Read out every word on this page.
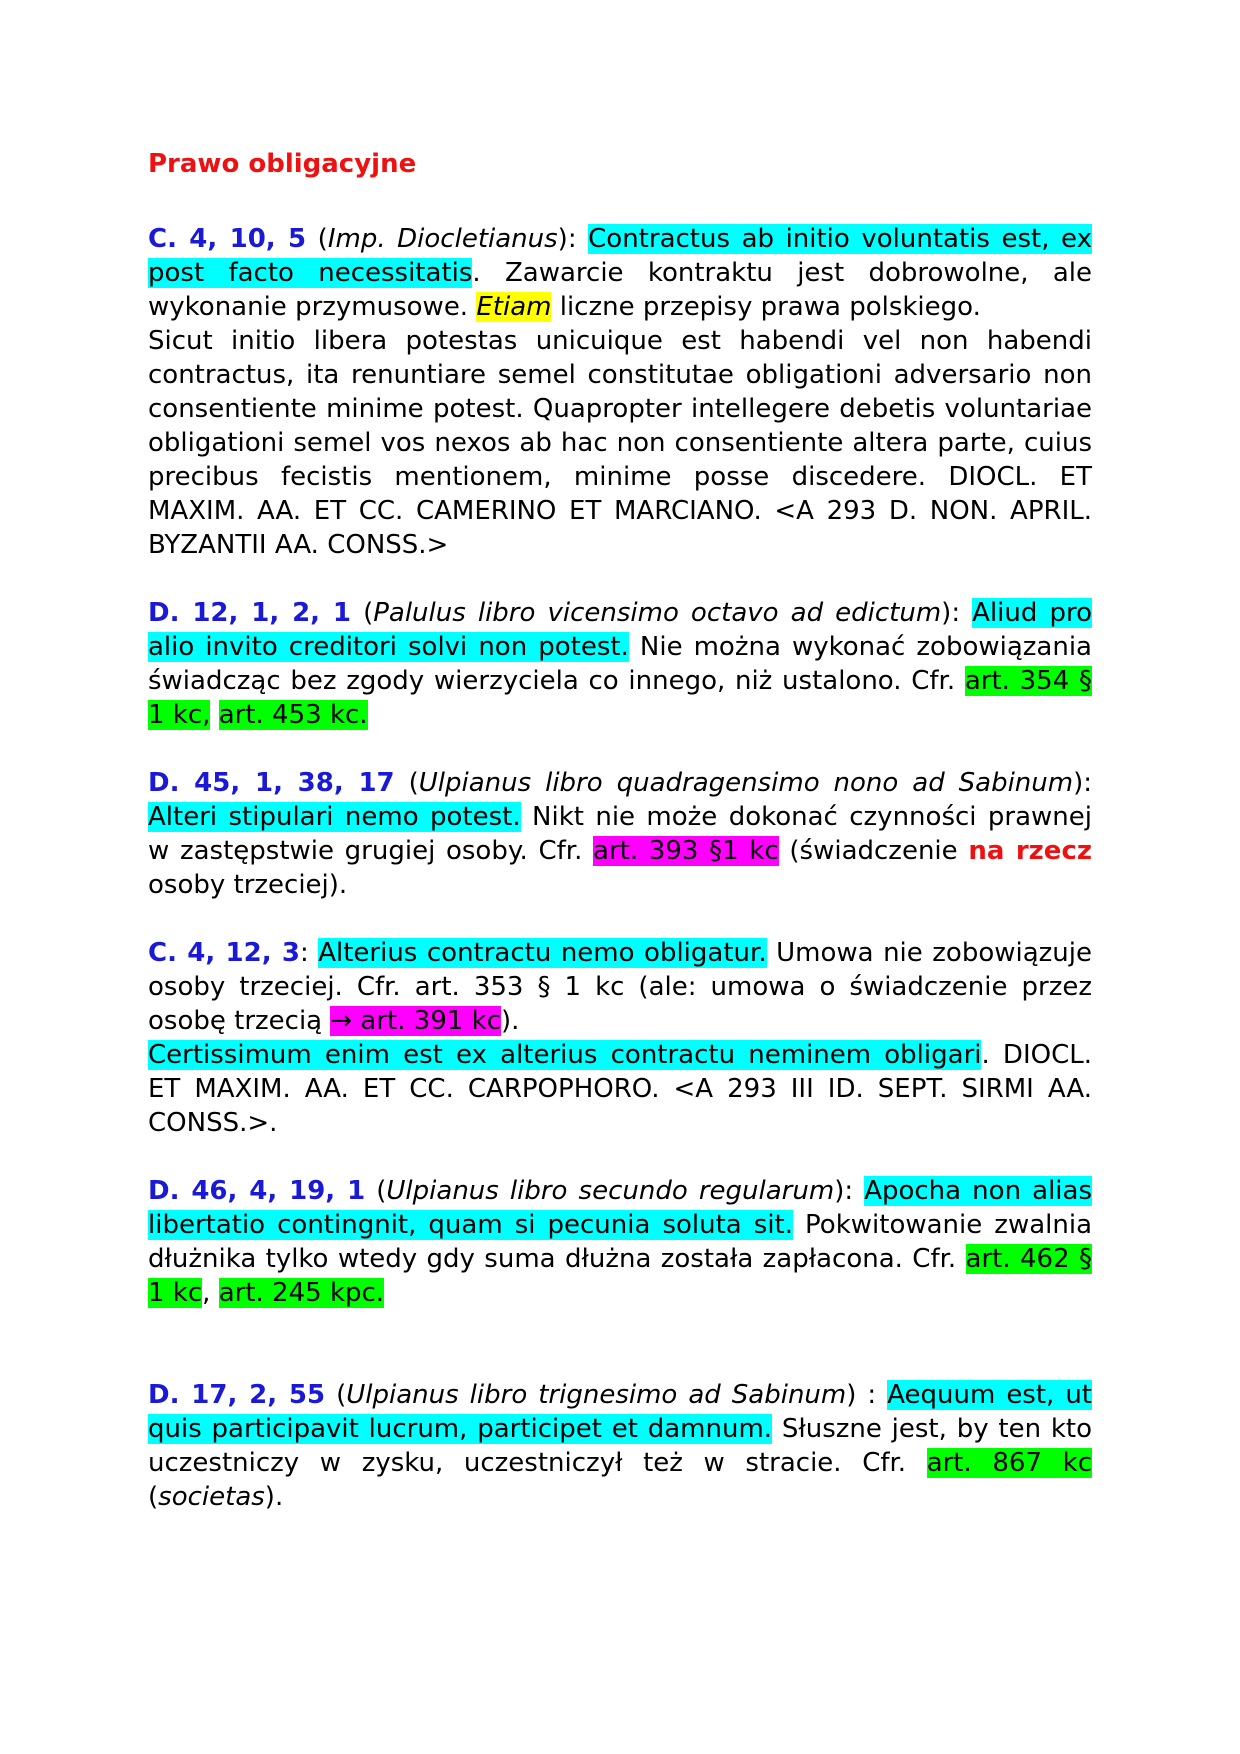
Prawo obligacyjne

C. 4, 10, 5 (Imp. Diocletianus): Contractus ab initio voluntatis est, ex post facto necessitatis. Zawarcie kontraktu jest dobrowolne, ale wykonanie przymusowe. Etiam liczne przepisy prawa polskiego.

Sicut initio libera potestas unicuique est habendi vel non habendi contractus, ita renuntiare semel constitutae obligationi adversario non consentiente minime potest. Quapropter intellegere debetis voluntariae obligationi semel vos nexos ab hac non consentiente altera parte, cuius precibus fecistis mentionem, minime posse discedere. DIOCL. ET MAXIM. AA. ET CC. CAMERINO ET MARCIANO. <A 293 D. NON. APRIL. BYZANTII AA. CONSS.>

D. 12, 1, 2, 1 (Palulus libro vicensimo octavo ad edictum): Aliud pro alio invito creditori solvi non potest. Nie można wykonać zobowiązania świadcząc bez zgody wierzyciela co innego, niż ustalono. Cfr. art. 354 § 1 kc, art. 453 kc.

D. 45, 1, 38, 17 (Ulpianus libro quadragensimo nono ad Sabinum): Alteri stipulari nemo potest. Nikt nie może dokonać czynności prawnej w zastępstwie grugiej osoby. Cfr. art. 393 §1 kc (świadczenie na rzecz osoby trzeciej).

C. 4, 12, 3: Alterius contractu nemo obligatur. Umowa nie zobowiązuje osoby trzeciej. Cfr. art. 353 § 1 kc (ale: umowa o świadczenie przez osobę trzecią → art. 391 kc).

Certissimum enim est ex alterius contractu neminem obligari. DIOCL. ET MAXIM. AA. ET CC. CARPOPHORO. <A 293 III ID. SEPT. SIRMI AA. CONSS.>.

D. 46, 4, 19, 1 (Ulpianus libro secundo regularum): Apocha non alias libertatio contingnit, quam si pecunia soluta sit. Pokwitowanie zwalnia dłużnika tylko wtedy gdy suma dłużna została zapłacona. Cfr. art. 462 § 1 kc, art. 245 kpc.

D. 17, 2, 55 (Ulpianus libro trignesimo ad Sabinum) : Aequum est, ut quis participavit lucrum, participet et damnum. Słuszne jest, by ten kto uczestniczy w zysku, uczestniczył też w stracie. Cfr. art. 867 kc (societas).
